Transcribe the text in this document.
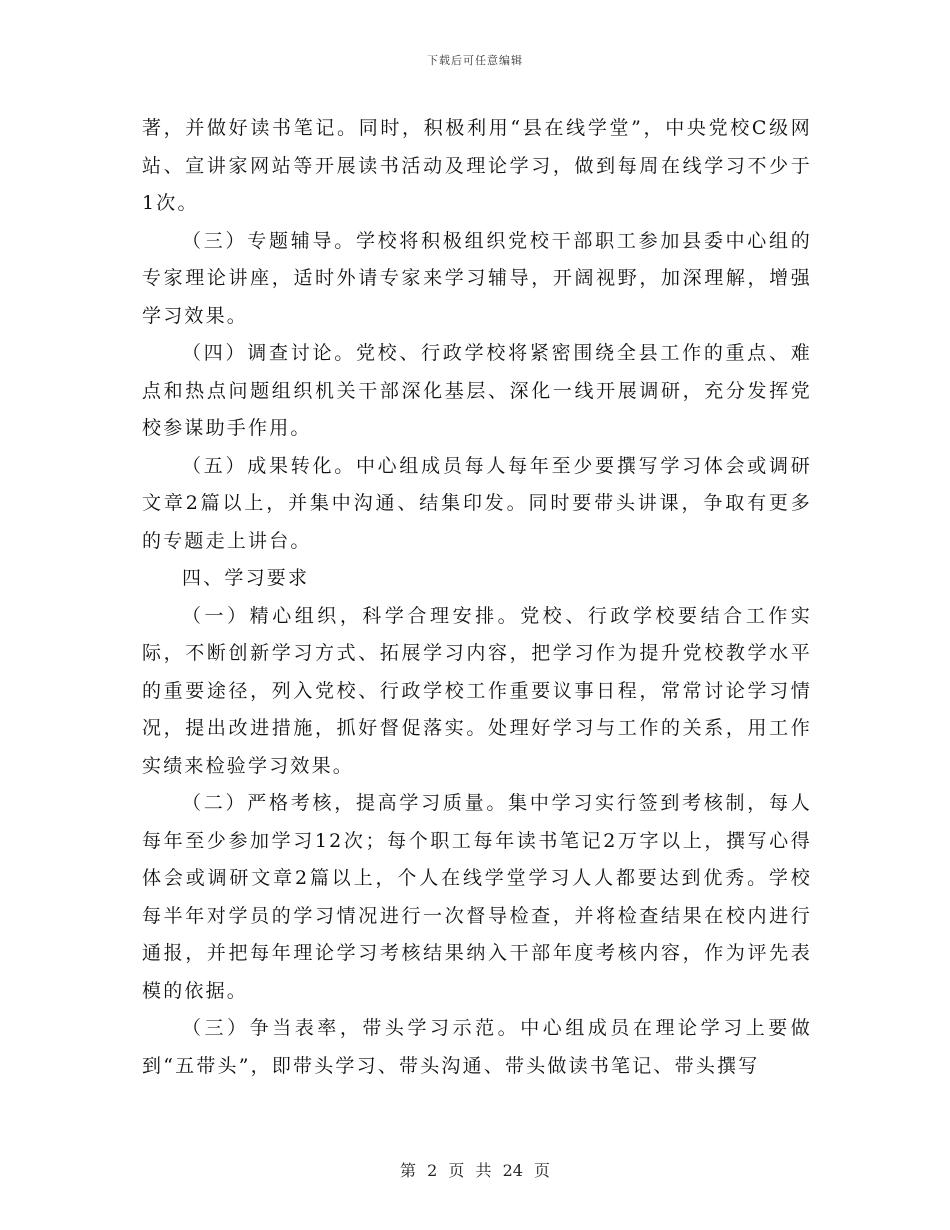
下载后可任意编辑

著，并做好读书笔记。同时，积极利用“县在线学堂”，中央党校C级网站、宣讲家网站等开展读书活动及理论学习，做到每周在线学习不少于1次。

（三）专题辅导。学校将积极组织党校干部职工参加县委中心组的专家理论讲座，适时外请专家来学习辅导，开阔视野，加深理解，增强学习效果。

（四）调查讨论。党校、行政学校将紧密围绕全县工作的重点、难点和热点问题组织机关干部深化基层、深化一线开展调研，充分发挥党校参谋助手作用。

（五）成果转化。中心组成员每人每年至少要撰写学习体会或调研文章2篇以上，并集中沟通、结集印发。同时要带头讲课，争取有更多的专题走上讲台。

四、学习要求

（一）精心组织，科学合理安排。党校、行政学校要结合工作实际，不断创新学习方式、拓展学习内容，把学习作为提升党校教学水平的重要途径，列入党校、行政学校工作重要议事日程，常常讨论学习情况，提出改进措施，抓好督促落实。处理好学习与工作的关系，用工作实绩来检验学习效果。

（二）严格考核，提高学习质量。集中学习实行签到考核制，每人每年至少参加学习12次；每个职工每年读书笔记2万字以上，撰写心得体会或调研文章2篇以上，个人在线学堂学习人人都要达到优秀。学校每半年对学员的学习情况进行一次督导检查，并将检查结果在校内进行通报，并把每年理论学习考核结果纳入干部年度考核内容，作为评先表模的依据。

（三）争当表率，带头学习示范。中心组成员在理论学习上要做到“五带头”，即带头学习、带头沟通、带头做读书笔记、带头撰写

第 2 页 共 24 页
